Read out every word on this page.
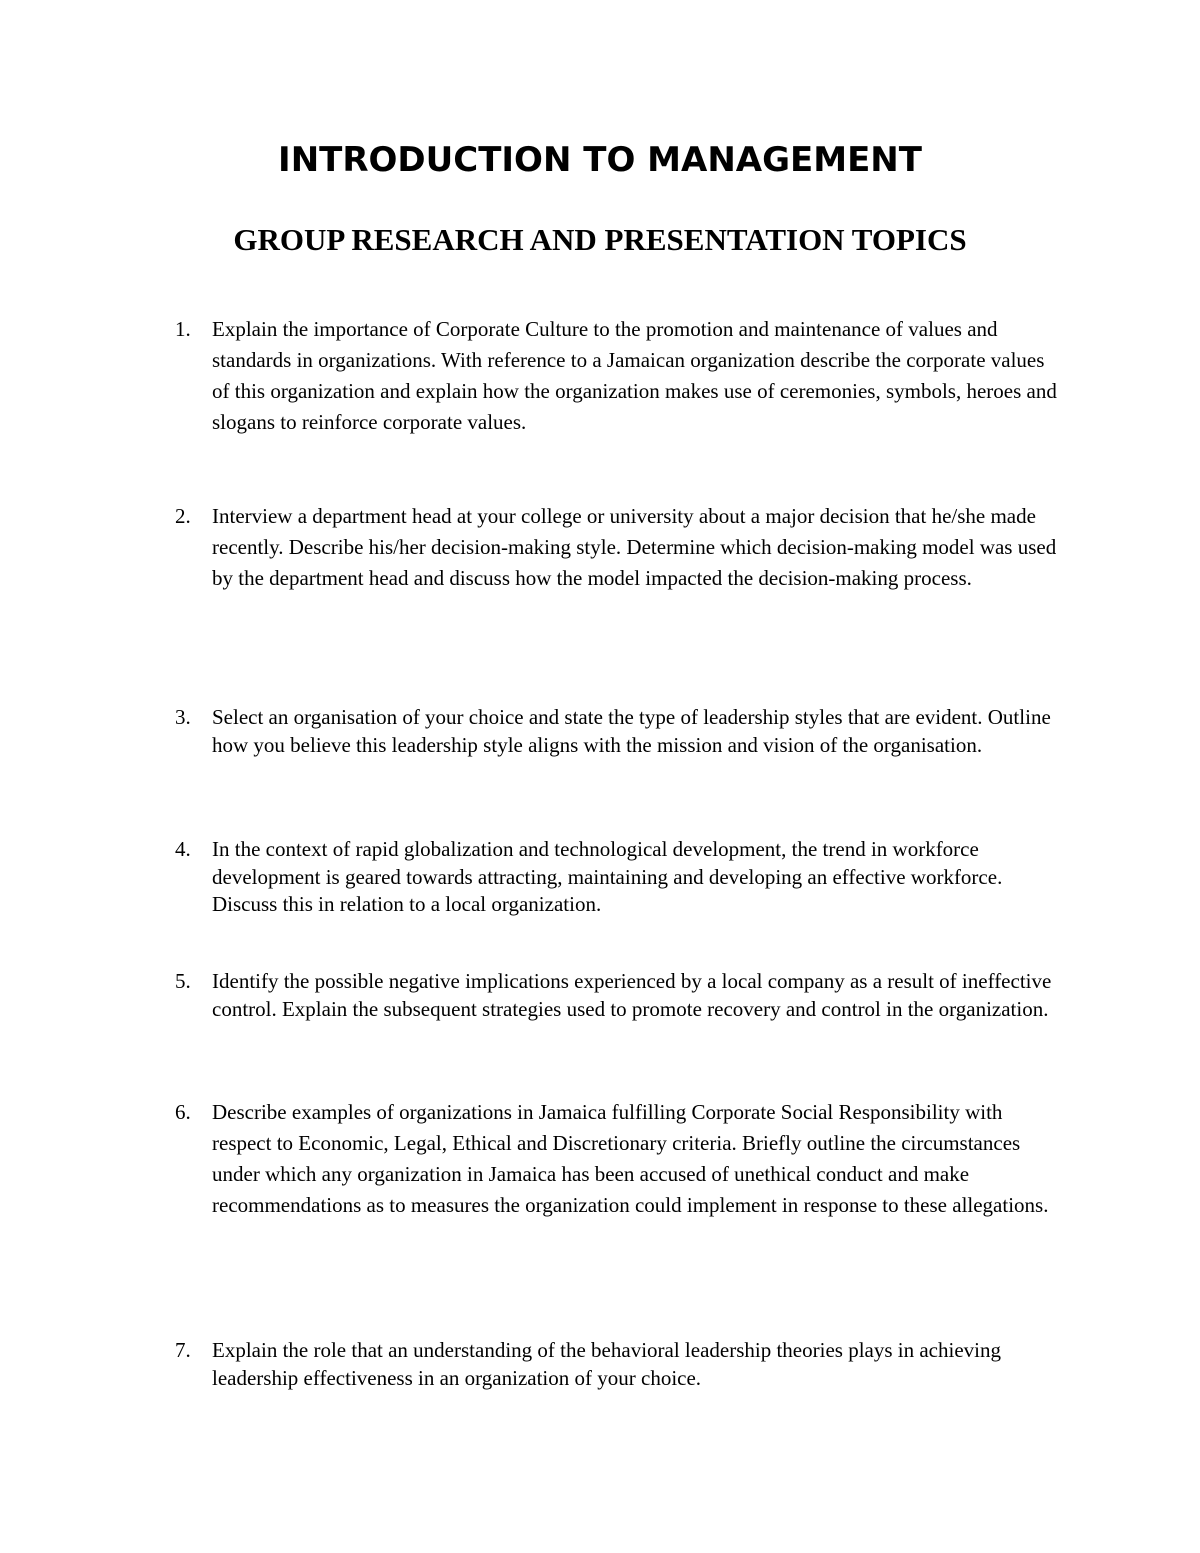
INTRODUCTION TO MANAGEMENT
GROUP RESEARCH AND PRESENTATION TOPICS
1.	Explain the importance of Corporate Culture to the promotion and maintenance of values and standards in organizations. With reference to a Jamaican organization describe the corporate values of this organization and explain how the organization makes use of ceremonies, symbols, heroes and slogans to reinforce corporate values.
2.	Interview a department head at your college or university about a major decision that he/she made recently. Describe his/her decision-making style. Determine which decision-making model was used by the department head and discuss how the model impacted the decision-making process.
3.	Select an organisation of your choice and state the type of leadership styles that are evident. Outline how you believe this leadership style aligns with the mission and vision of the organisation.
4.	In the context of rapid globalization and technological development, the trend in workforce development is geared towards attracting, maintaining and developing an effective workforce. Discuss this in relation to a local organization.
5.	Identify the possible negative implications experienced by a local company as a result of ineffective control. Explain the subsequent strategies used to promote recovery and control in the organization.
6.	Describe examples of organizations in Jamaica fulfilling Corporate Social Responsibility with respect to Economic, Legal, Ethical and Discretionary criteria. Briefly outline the circumstances under which any organization in Jamaica has been accused of unethical conduct and make recommendations as to measures the organization could implement in response to these allegations.
7.	Explain the role that an understanding of the behavioral leadership theories plays in achieving leadership effectiveness in an organization of your choice.
